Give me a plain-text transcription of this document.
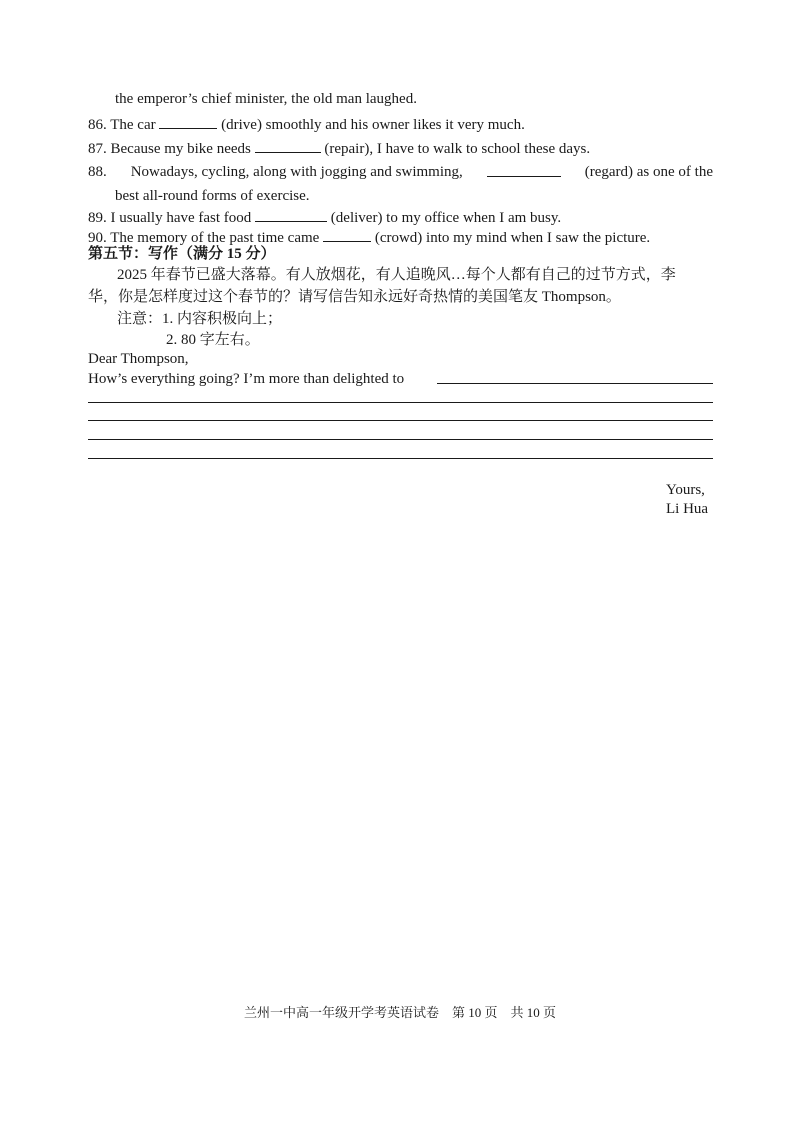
the emperor’s chief minister, the old man laughed.
86. The car	(drive) smoothly and his owner likes it very much.
87. Because my bike needs	(repair), I have to walk to school these days.
88. Nowadays, cycling, along with jogging and swimming,	(regard) as one of the
best all-round forms of exercise.
89. I usually have fast food	(deliver) to my office when I am busy.
90. The memory of the past time came	(crowd) into my mind when I saw the picture.
第五节：写作（满分 15 分）
2025 年春节已盛大落幕。有人放烟花，有人追晚风…每个人都有自己的过节方式，李
华，你是怎样度过这个春节的？请写信告知永远好奇热情的美国笔友 Thompson。
注意：1. 内容积极向上；
2. 80 字左右。
Dear Thompson,
How’s everything going? I’m more than delighted to
Yours,
Li Hua
兰州一中高一年级开学考英语试卷　第 10 页　共 10 页
